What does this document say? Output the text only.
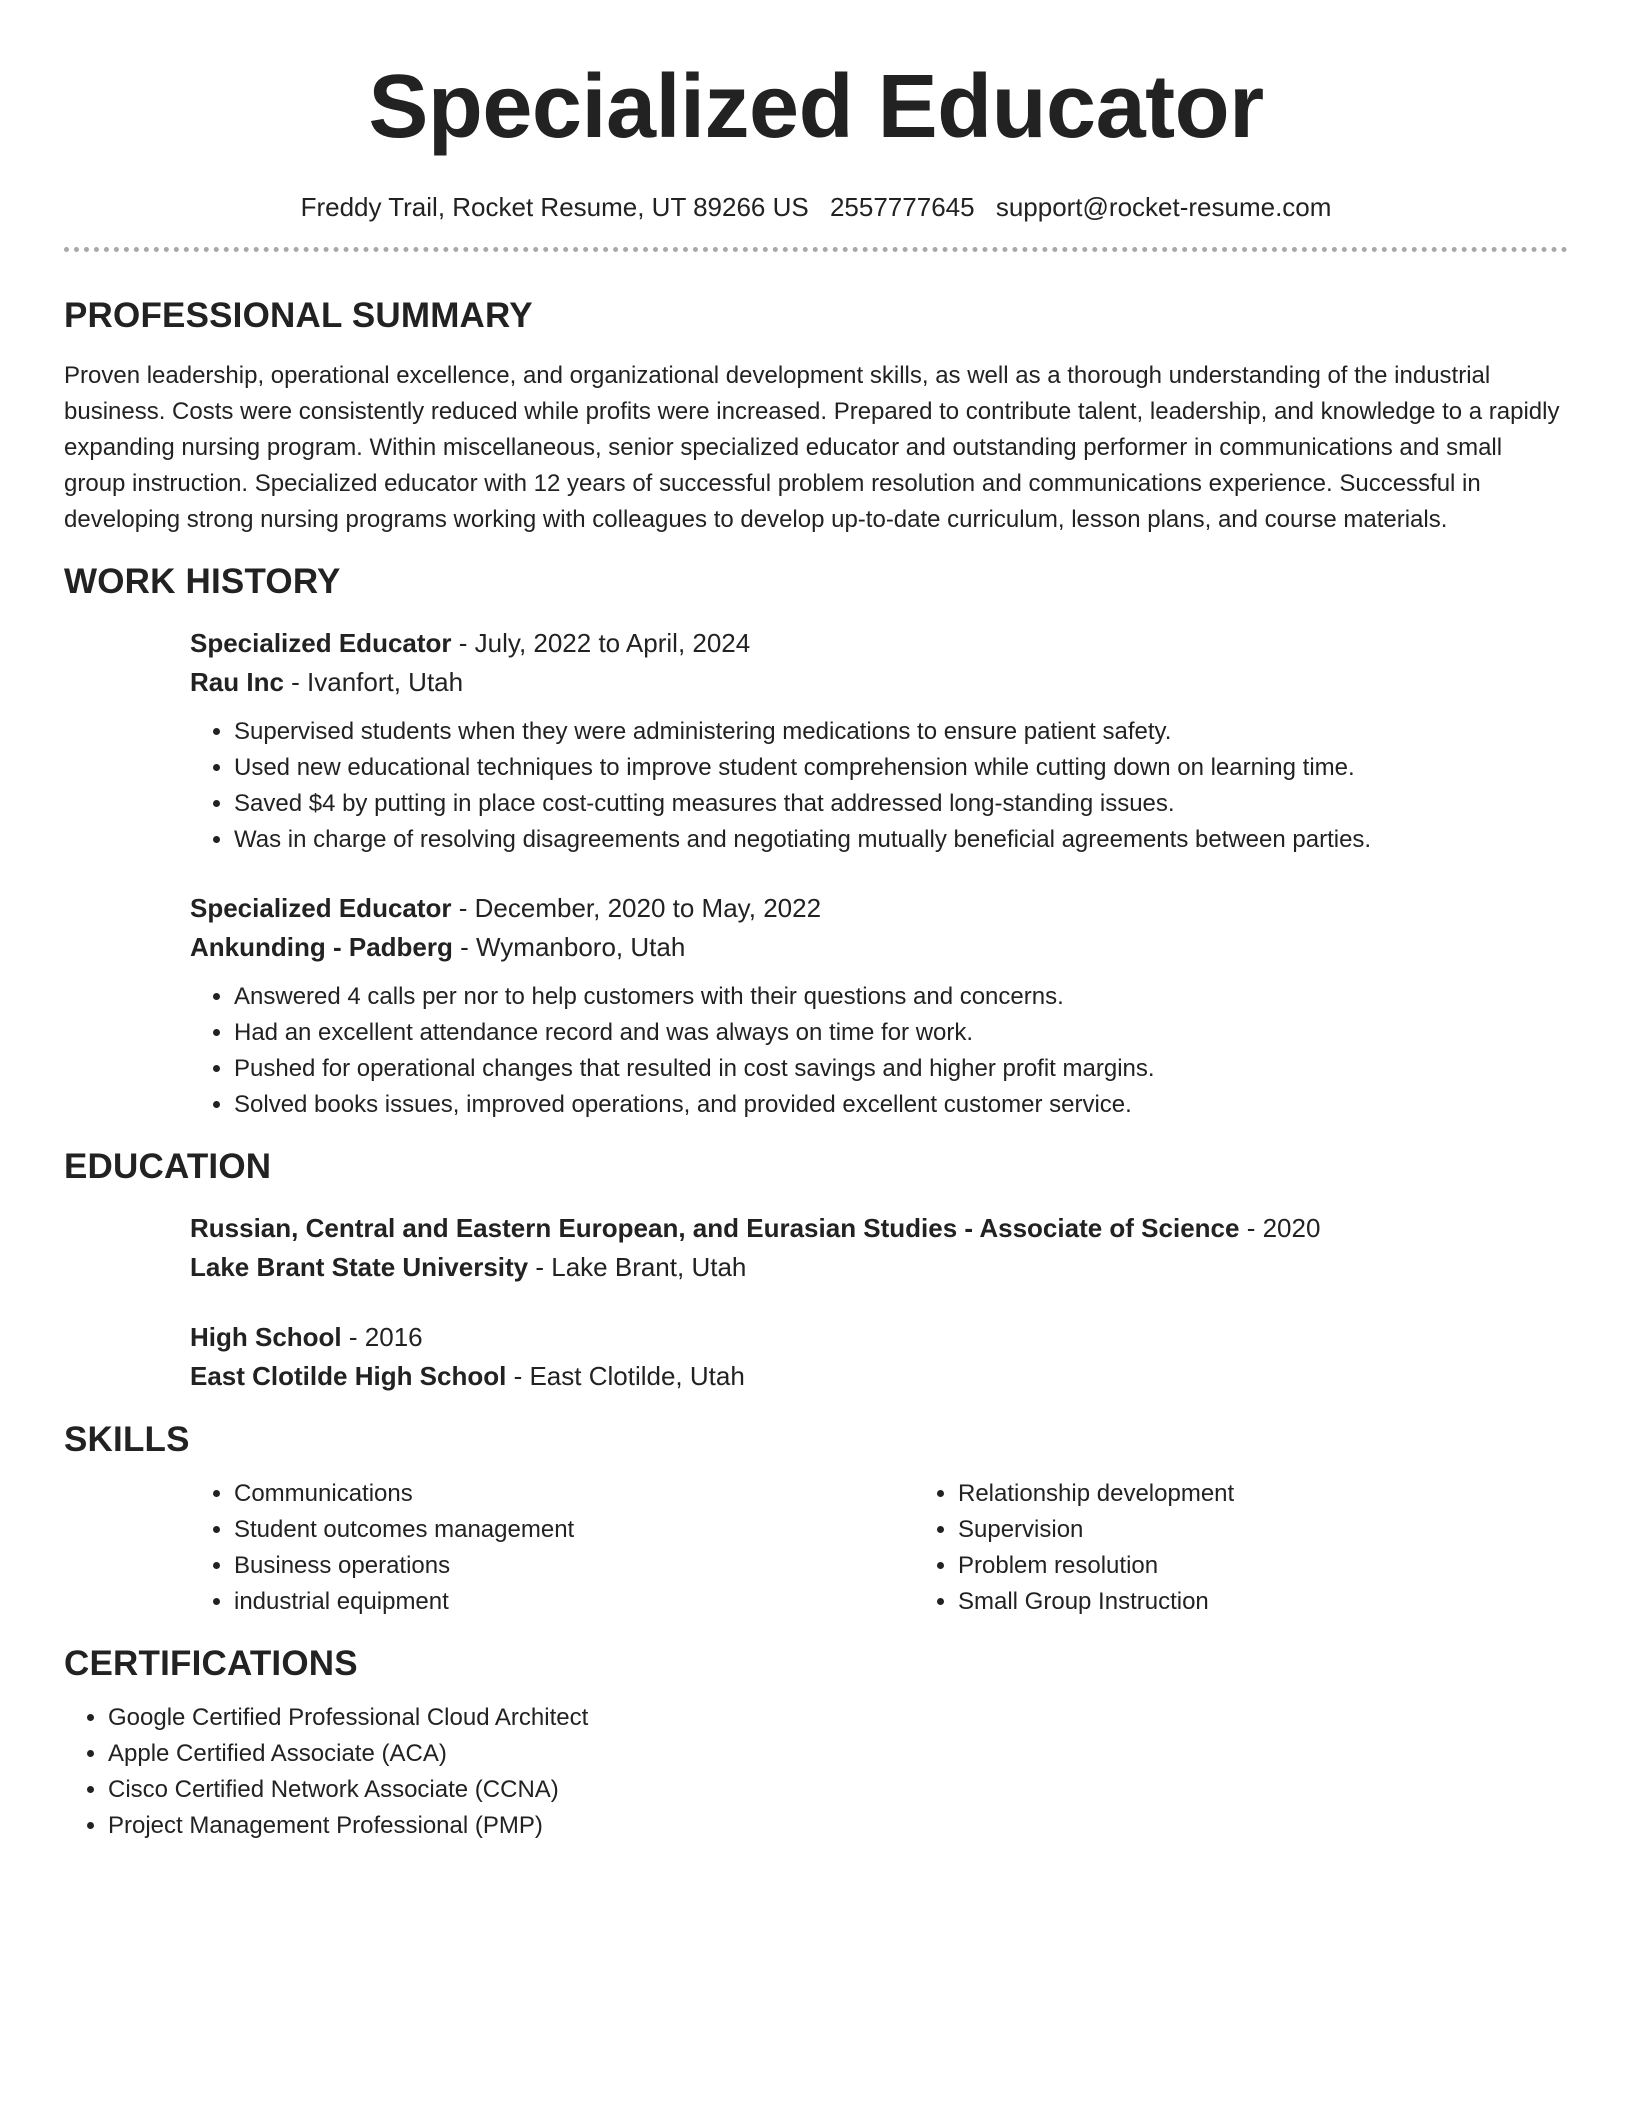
Specialized Educator
Freddy Trail, Rocket Resume, UT 89266 US 2557777645 support@rocket-resume.com
PROFESSIONAL SUMMARY

Proven leadership, operational excellence, and organizational development skills, as well as a thorough understanding of the industrial business. Costs were consistently reduced while profits were increased. Prepared to contribute talent, leadership, and knowledge to a rapidly expanding nursing program. Within miscellaneous, senior specialized educator and outstanding performer in communications and small group instruction. Specialized educator with 12 years of successful problem resolution and communications experience. Successful in developing strong nursing programs working with colleagues to develop up-to-date curriculum, lesson plans, and course materials.

WORK HISTORY
Specialized Educator - July, 2022 to April, 2024
Rau Inc - Ivanfort, Utah
• Supervised students when they were administering medications to ensure patient safety.
• Used new educational techniques to improve student comprehension while cutting down on learning time.
• Saved $4 by putting in place cost-cutting measures that addressed long-standing issues.
• Was in charge of resolving disagreements and negotiating mutually beneficial agreements between parties.
Specialized Educator - December, 2020 to May, 2022
Ankunding - Padberg - Wymanboro, Utah
• Answered 4 calls per nor to help customers with their questions and concerns.
• Had an excellent attendance record and was always on time for work.
• Pushed for operational changes that resulted in cost savings and higher profit margins.
• Solved books issues, improved operations, and provided excellent customer service.
EDUCATION
Russian, Central and Eastern European, and Eurasian Studies - Associate of Science - 2020
Lake Brant State University - Lake Brant, Utah
High School - 2016
East Clotilde High School - East Clotilde, Utah
SKILLS
• Communications
• Student outcomes management
• Business operations
• industrial equipment
• Relationship development
• Supervision
• Problem resolution
• Small Group Instruction
CERTIFICATIONS
• Google Certified Professional Cloud Architect
• Apple Certified Associate (ACA)
• Cisco Certified Network Associate (CCNA)
• Project Management Professional (PMP)
